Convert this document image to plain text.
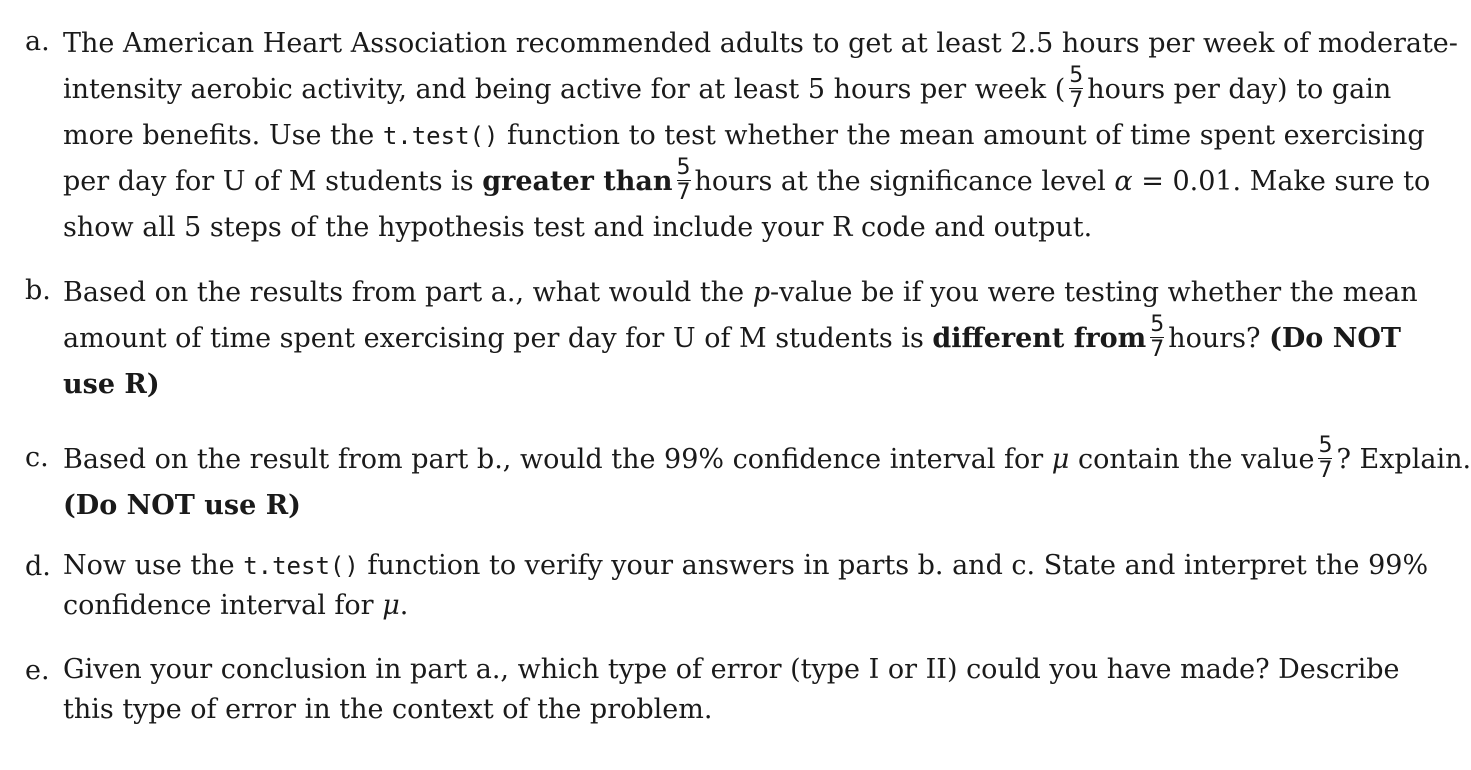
a. The American Heart Association recommended adults to get at least 2.5 hours per week of moderate-
intensity aerobic activity, and being active for at least 5 hours per week ( $\frac{5}{7}$ hours per day) to gain
more benefits. Use the t.test() function to test whether the mean amount of time spent exercising
per day for U of M students is greater than $\frac{5}{7}$ hours at the significance level α = 0.01. Make sure to
show all 5 steps of the hypothesis test and include your R code and output.
b. Based on the results from part a., what would the p-value be if you were testing whether the mean
amount of time spent exercising per day for U of M students is different from $\frac{5}{7}$ hours? (Do NOT
use R)
c. Based on the result from part b., would the 99% confidence interval for μ contain the value $\frac{5}{7}$ ? Explain.
(Do NOT use R)
d. Now use the t.test() function to verify your answers in parts b. and c. State and interpret the 99%
confidence interval for μ.
e. Given your conclusion in part a., which type of error (type I or II) could you have made? Describe
this type of error in the context of the problem.
